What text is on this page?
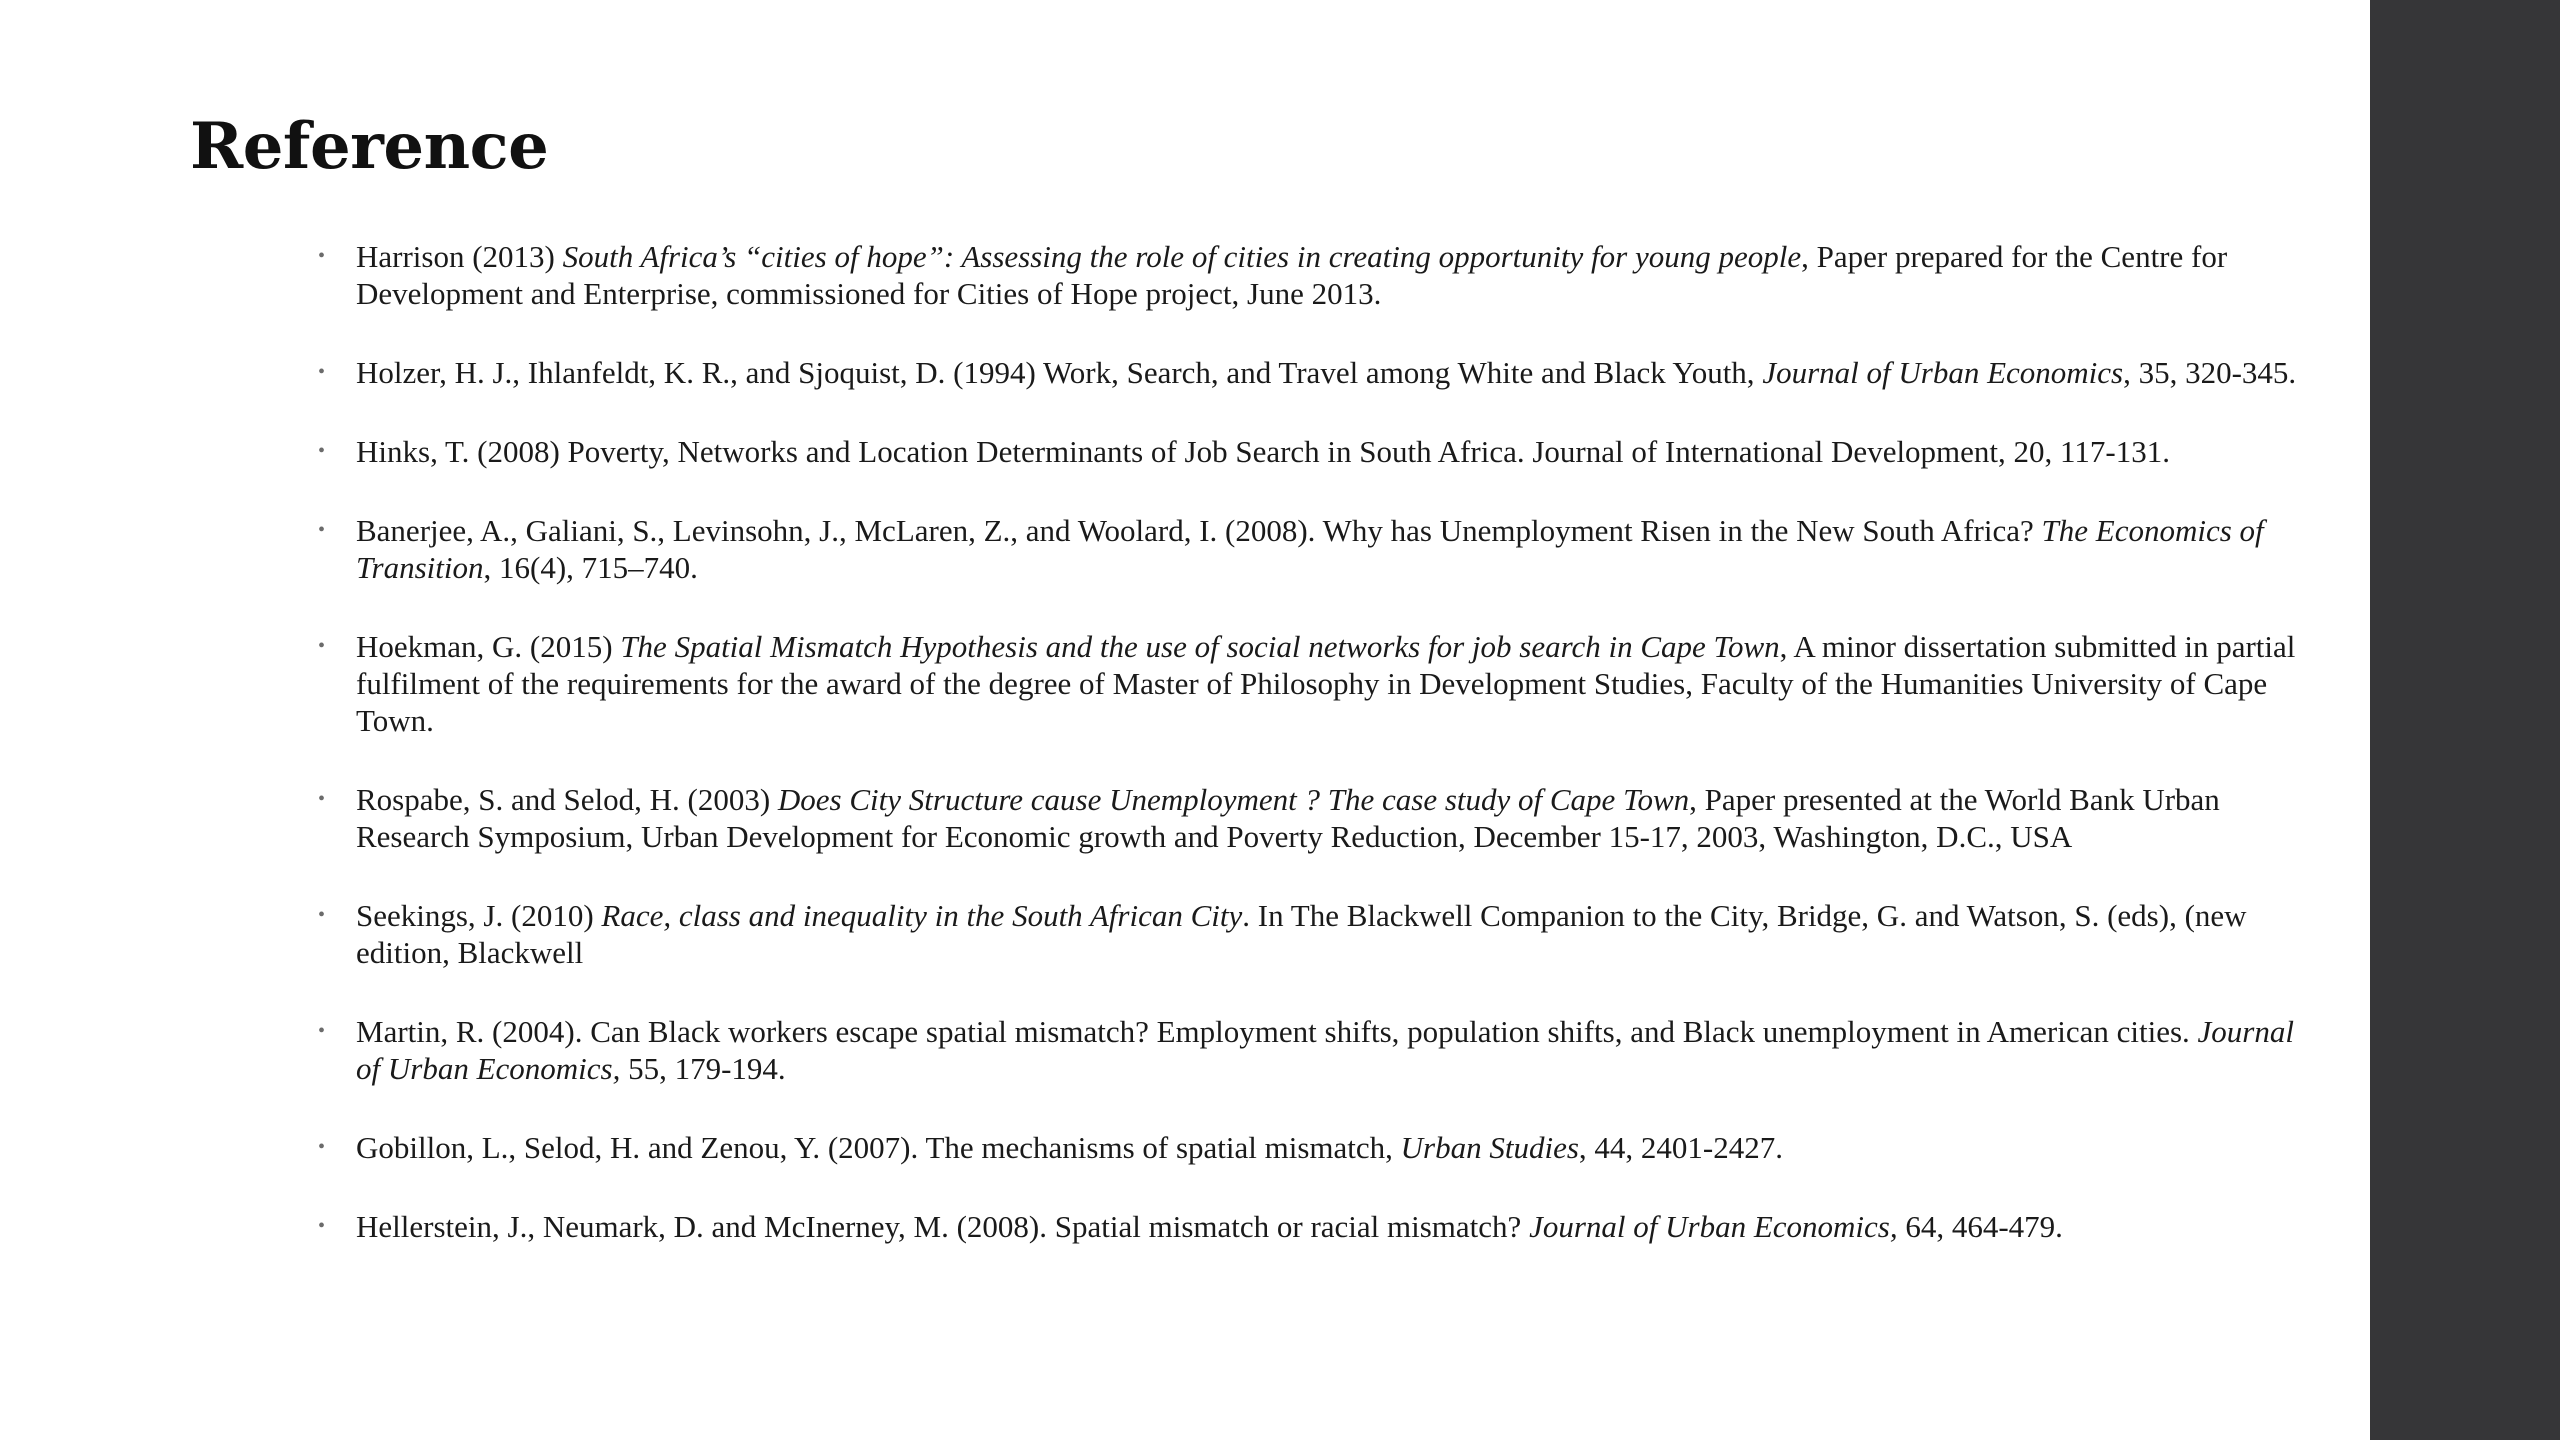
Reference
• Harrison (2013) South Africa’s “cities of hope”: Assessing the role of cities in creating opportunity for young people, Paper prepared for the Centre for Development and Enterprise, commissioned for Cities of Hope project, June 2013.
• Holzer, H. J., Ihlanfeldt, K. R., and Sjoquist, D. (1994) Work, Search, and Travel among White and Black Youth, Journal of Urban Economics, 35, 320-345.
• Hinks, T. (2008) Poverty, Networks and Location Determinants of Job Search in South Africa. Journal of International Development, 20, 117-131.
• Banerjee, A., Galiani, S., Levinsohn, J., McLaren, Z., and Woolard, I. (2008). Why has Unemployment Risen in the New South Africa? The Economics of Transition, 16(4), 715–740.
• Hoekman, G. (2015) The Spatial Mismatch Hypothesis and the use of social networks for job search in Cape Town, A minor dissertation submitted in partial fulfilment of the requirements for the award of the degree of Master of Philosophy in Development Studies, Faculty of the Humanities University of Cape Town.
• Rospabe, S. and Selod, H. (2003) Does City Structure cause Unemployment ? The case study of Cape Town, Paper presented at the World Bank Urban Research Symposium, Urban Development for Economic growth and Poverty Reduction, December 15-17, 2003, Washington, D.C., USA
• Seekings, J. (2010) Race, class and inequality in the South African City. In The Blackwell Companion to the City, Bridge, G. and Watson, S. (eds), (new edition, Blackwell
• Martin, R. (2004). Can Black workers escape spatial mismatch? Employment shifts, population shifts, and Black unemployment in American cities. Journal of Urban Economics, 55, 179-194.
• Gobillon, L., Selod, H. and Zenou, Y. (2007). The mechanisms of spatial mismatch, Urban Studies, 44, 2401-2427.
• Hellerstein, J., Neumark, D. and McInerney, M. (2008). Spatial mismatch or racial mismatch? Journal of Urban Economics, 64, 464-479.
